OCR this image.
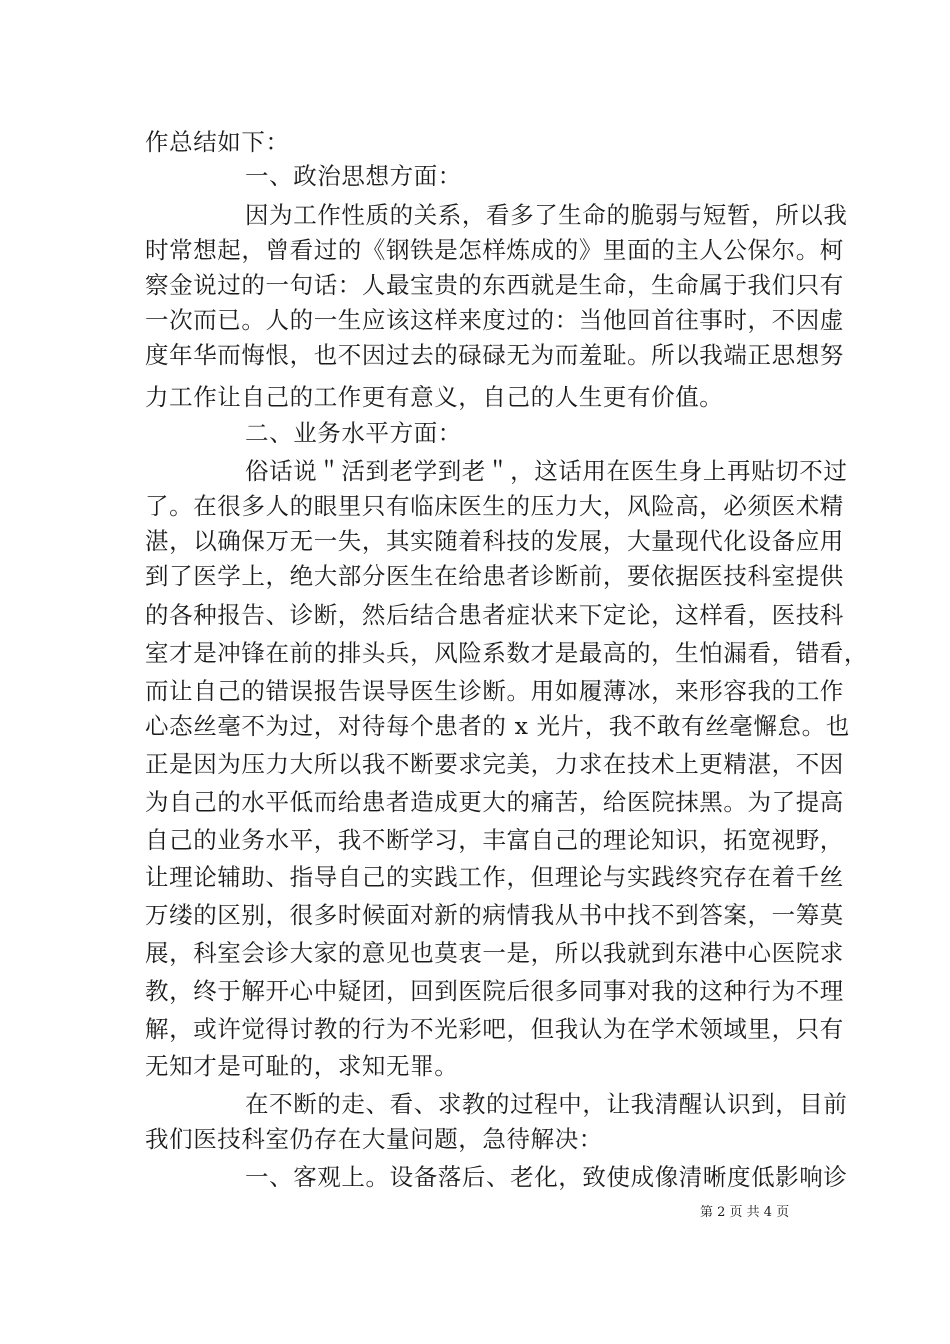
作总结如下：
一、政治思想方面：
因为工作性质的关系，看多了生命的脆弱与短暂，所以我
时常想起，曾看过的《钢铁是怎样炼成的》里面的主人公保尔。柯
察金说过的一句话：人最宝贵的东西就是生命，生命属于我们只有
一次而已。人的一生应该这样来度过的：当他回首往事时，不因虚
度年华而悔恨，也不因过去的碌碌无为而羞耻。所以我端正思想努
力工作让自己的工作更有意义，自己的人生更有价值。
二、业务水平方面：
俗话说＂活到老学到老＂，这话用在医生身上再贴切不过
了。在很多人的眼里只有临床医生的压力大，风险高，必须医术精
湛，以确保万无一失，其实随着科技的发展，大量现代化设备应用
到了医学上，绝大部分医生在给患者诊断前，要依据医技科室提供
的各种报告、诊断，然后结合患者症状来下定论，这样看，医技科
室才是冲锋在前的排头兵，风险系数才是最高的，生怕漏看，错看，
而让自己的错误报告误导医生诊断。用如履薄冰，来形容我的工作
心态丝毫不为过，对待每个患者的 x 光片，我不敢有丝毫懈怠。也
正是因为压力大所以我不断要求完美，力求在技术上更精湛，不因
为自己的水平低而给患者造成更大的痛苦，给医院抹黑。为了提高
自己的业务水平，我不断学习，丰富自己的理论知识，拓宽视野，
让理论辅助、指导自己的实践工作，但理论与实践终究存在着千丝
万缕的区别，很多时候面对新的病情我从书中找不到答案，一筹莫
展，科室会诊大家的意见也莫衷一是，所以我就到东港中心医院求
教，终于解开心中疑团，回到医院后很多同事对我的这种行为不理
解，或许觉得讨教的行为不光彩吧，但我认为在学术领域里，只有
无知才是可耻的，求知无罪。
在不断的走、看、求教的过程中，让我清醒认识到，目前
我们医技科室仍存在大量问题，急待解决：
一、客观上。设备落后、老化，致使成像清晰度低影响诊
第 2 页 共 4 页
